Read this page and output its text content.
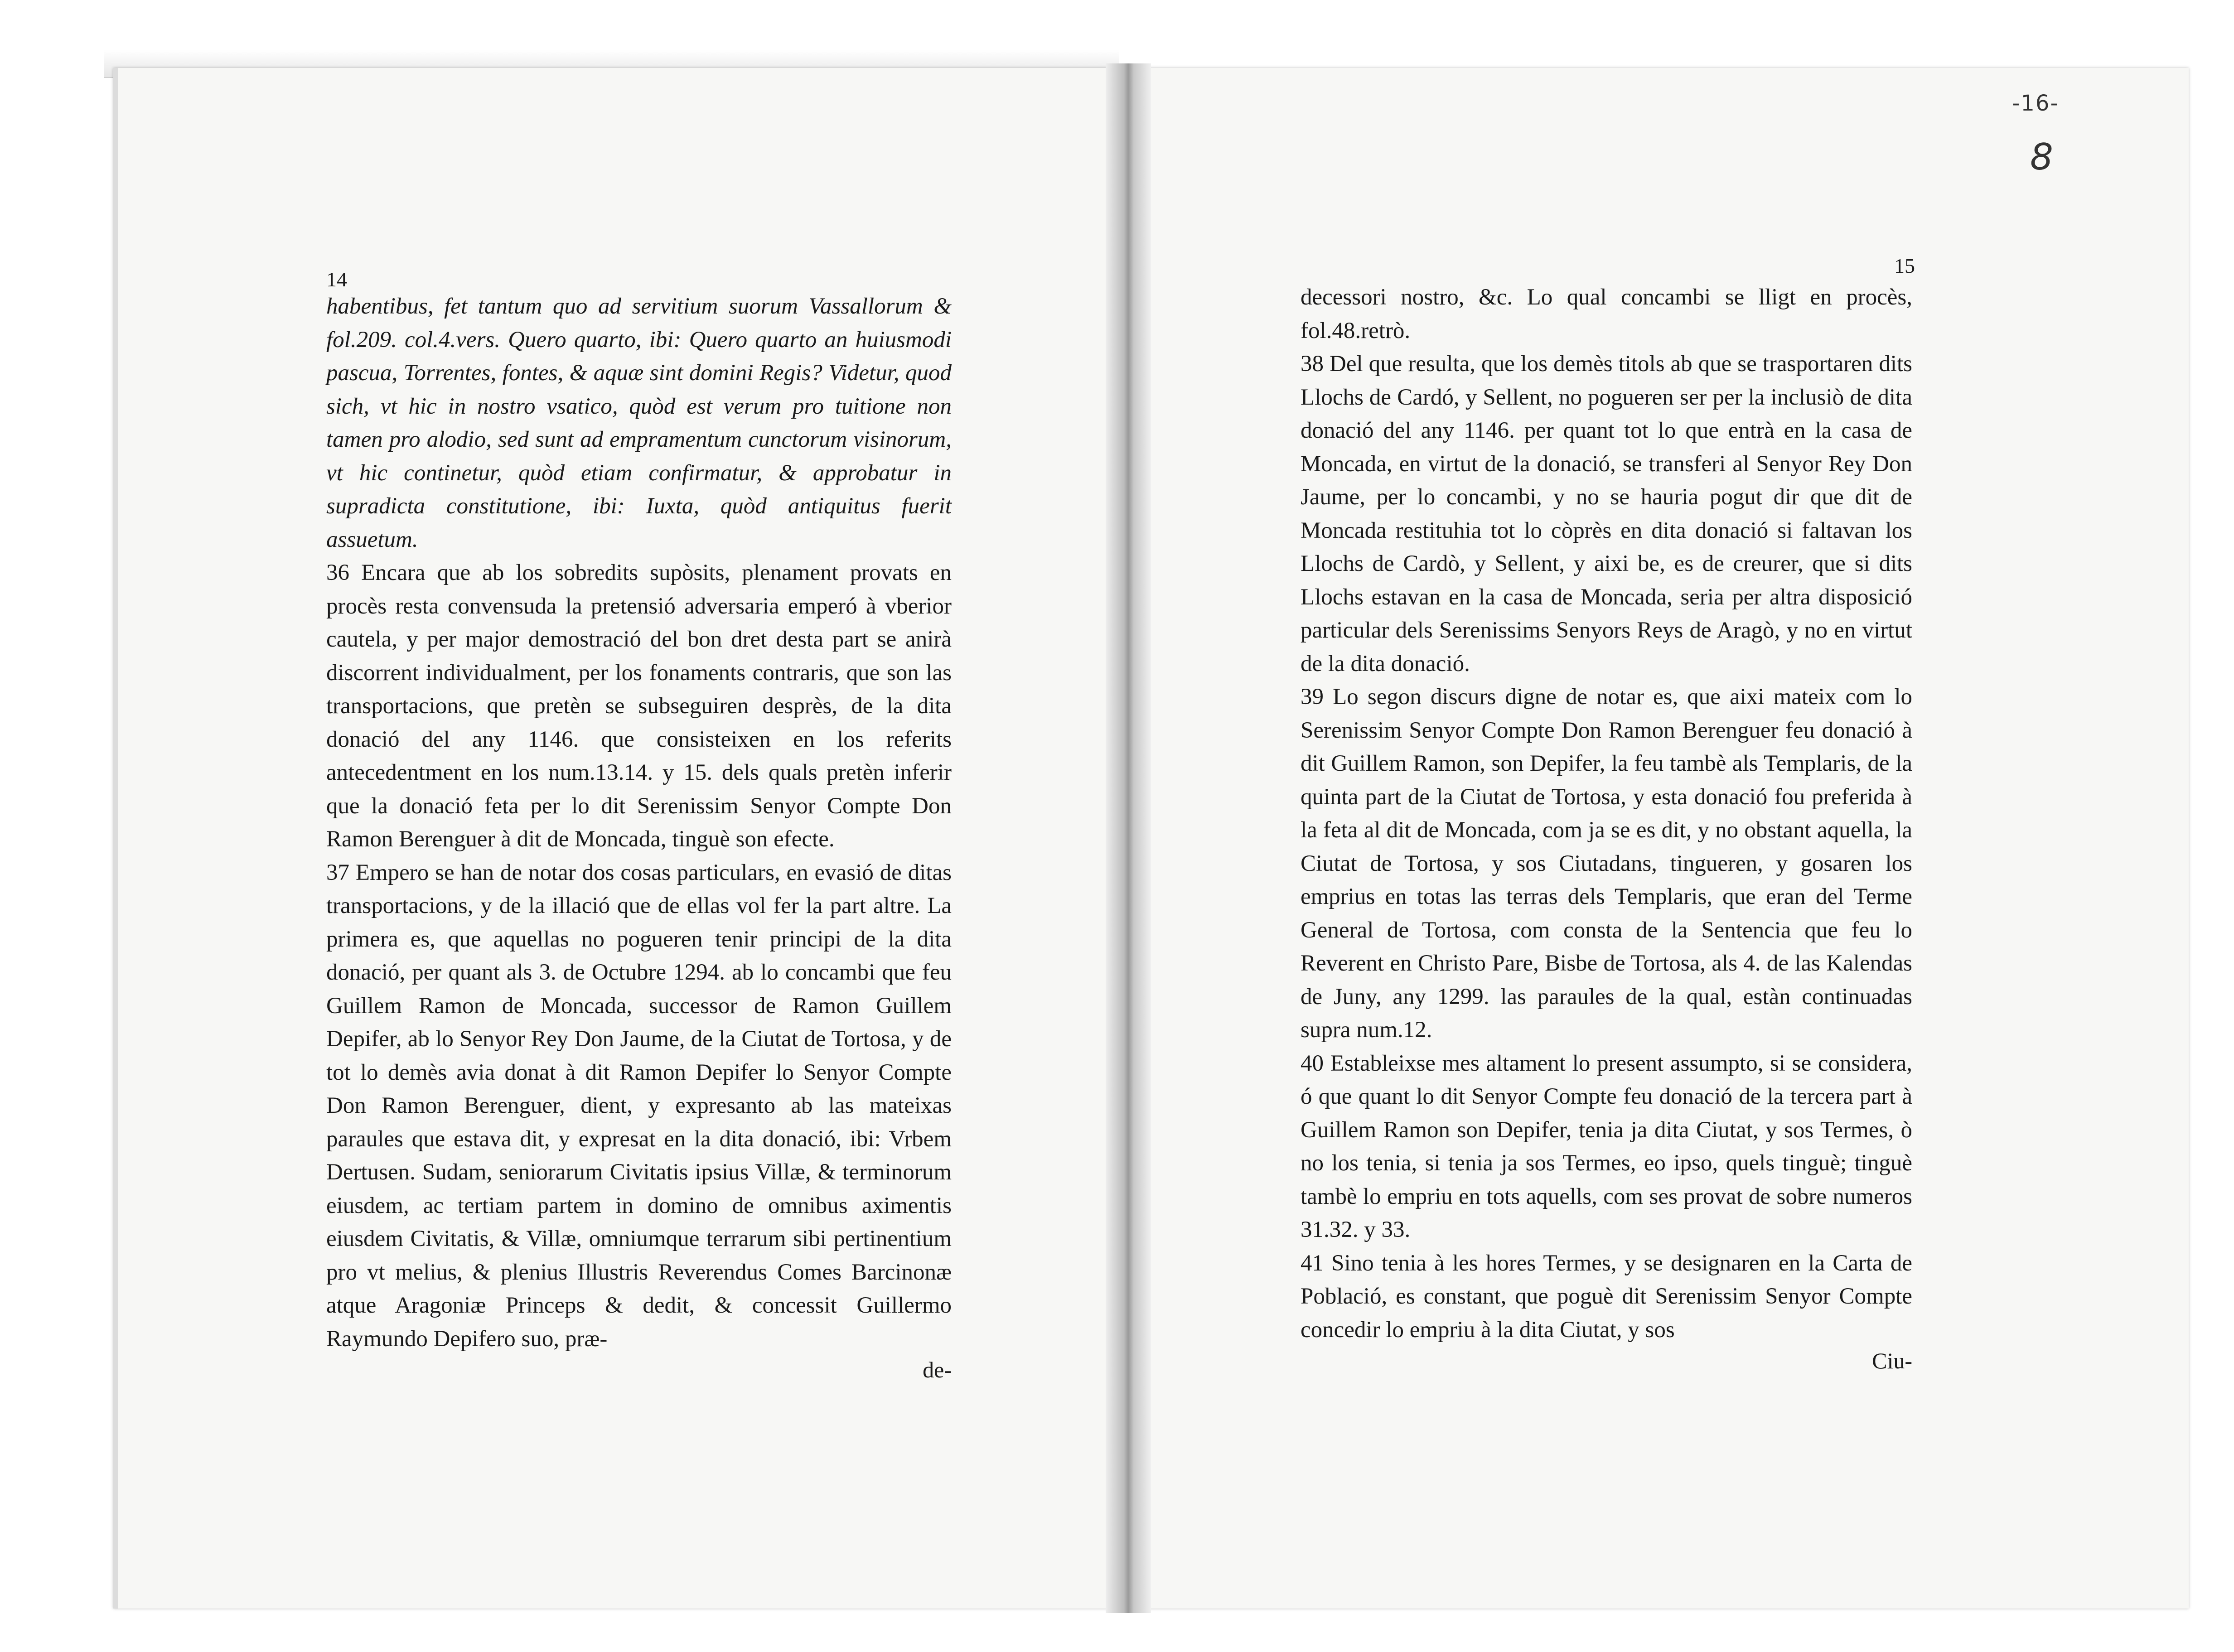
14
15
-16-
8

habentibus, fet tantum quo ad servitium suorum Vassallorum & fol.209. col.4.vers. Quero quarto, ibi: Quero quarto an huiusmodi pascua, Torrentes, fontes, & aquæ sint domini Regis? Videtur, quod sich, vt hic in nostro vsatico, quòd est verum pro tuitione non tamen pro alodio, sed sunt ad empramentum cunctorum visinorum, vt hic continetur, quòd etiam confirmatur, & approbatur in supradicta constitutione, ibi: Iuxta, quòd antiquitus fuerit assuetum.

36 Encara que ab los sobredits supòsits, plenament provats en procès resta convensuda la pretensió adversaria emperó à vberior cautela, y per major demostració del bon dret desta part se anirà discorrent individualment, per los fonaments contraris, que son las transportacions, que pretèn se subseguiren desprès, de la dita donació del any 1146. que consisteixen en los referits antecedentment en los num.13.14. y 15. dels quals pretèn inferir que la donació feta per lo dit Serenissim Senyor Compte Don Ramon Berenguer à dit de Moncada, tinguè son efecte.

37 Empero se han de notar dos cosas particulars, en evasió de ditas transportacions, y de la illació que de ellas vol fer la part altre. La primera es, que aquellas no pogueren tenir principi de la dita donació, per quant als 3. de Octubre 1294. ab lo concambi que feu Guillem Ramon de Moncada, successor de Ramon Guillem Depifer, ab lo Senyor Rey Don Jaume, de la Ciutat de Tortosa, y de tot lo demès avia donat à dit Ramon Depifer lo Senyor Compte Don Ramon Berenguer, dient, y expresanto ab las mateixas paraules que estava dit, y expresat en la dita donació, ibi: Vrbem Dertusen. Sudam, seniorarum Civitatis ipsius Villæ, & terminorum eiusdem, ac tertiam partem in domino de omnibus aximentis eiusdem Civitatis, & Villæ, omniumque terrarum sibi pertinentium pro vt melius, & plenius Illustris Reverendus Comes Barcinonæ atque Aragoniæ Princeps & dedit, & concessit Guillermo Raymundo Depifero suo, præ-

de-

decessori nostro, &c. Lo qual concambi se lligt en procès, fol.48.retrò.

38 Del que resulta, que los demès titols ab que se trasportaren dits Llochs de Cardó, y Sellent, no pogueren ser per la inclusiò de dita donació del any 1146. per quant tot lo que entrà en la casa de Moncada, en virtut de la donació, se transferi al Senyor Rey Don Jaume, per lo concambi, y no se hauria pogut dir que dit de Moncada restituhia tot lo còprès en dita donació si faltavan los Llochs de Cardò, y Sellent, y aixi be, es de creurer, que si dits Llochs estavan en la casa de Moncada, seria per altra disposició particular dels Serenissims Senyors Reys de Aragò, y no en virtut de la dita donació.

39 Lo segon discurs digne de notar es, que aixi mateix com lo Serenissim Senyor Compte Don Ramon Berenguer feu donació à dit Guillem Ramon, son Depifer, la feu tambè als Templaris, de la quinta part de la Ciutat de Tortosa, y esta donació fou preferida à la feta al dit de Moncada, com ja se es dit, y no obstant aquella, la Ciutat de Tortosa, y sos Ciutadans, tingueren, y gosaren los emprius en totas las terras dels Templaris, que eran del Terme General de Tortosa, com consta de la Sentencia que feu lo Reverent en Christo Pare, Bisbe de Tortosa, als 4. de las Kalendas de Juny, any 1299. las paraules de la qual, estàn continuadas supra num.12.

40 Estableixse mes altament lo present assumpto, si se considera, ó que quant lo dit Senyor Compte feu donació de la tercera part à Guillem Ramon son Depifer, tenia ja dita Ciutat, y sos Termes, ò no los tenia, si tenia ja sos Termes, eo ipso, quels tinguè; tinguè tambè lo empriu en tots aquells, com ses provat de sobre numeros 31.32. y 33.

41 Sino tenia à les hores Termes, y se designaren en la Carta de Població, es constant, que poguè dit Serenissim Senyor Compte concedir lo empriu à la dita Ciutat, y sos

Ciu-
